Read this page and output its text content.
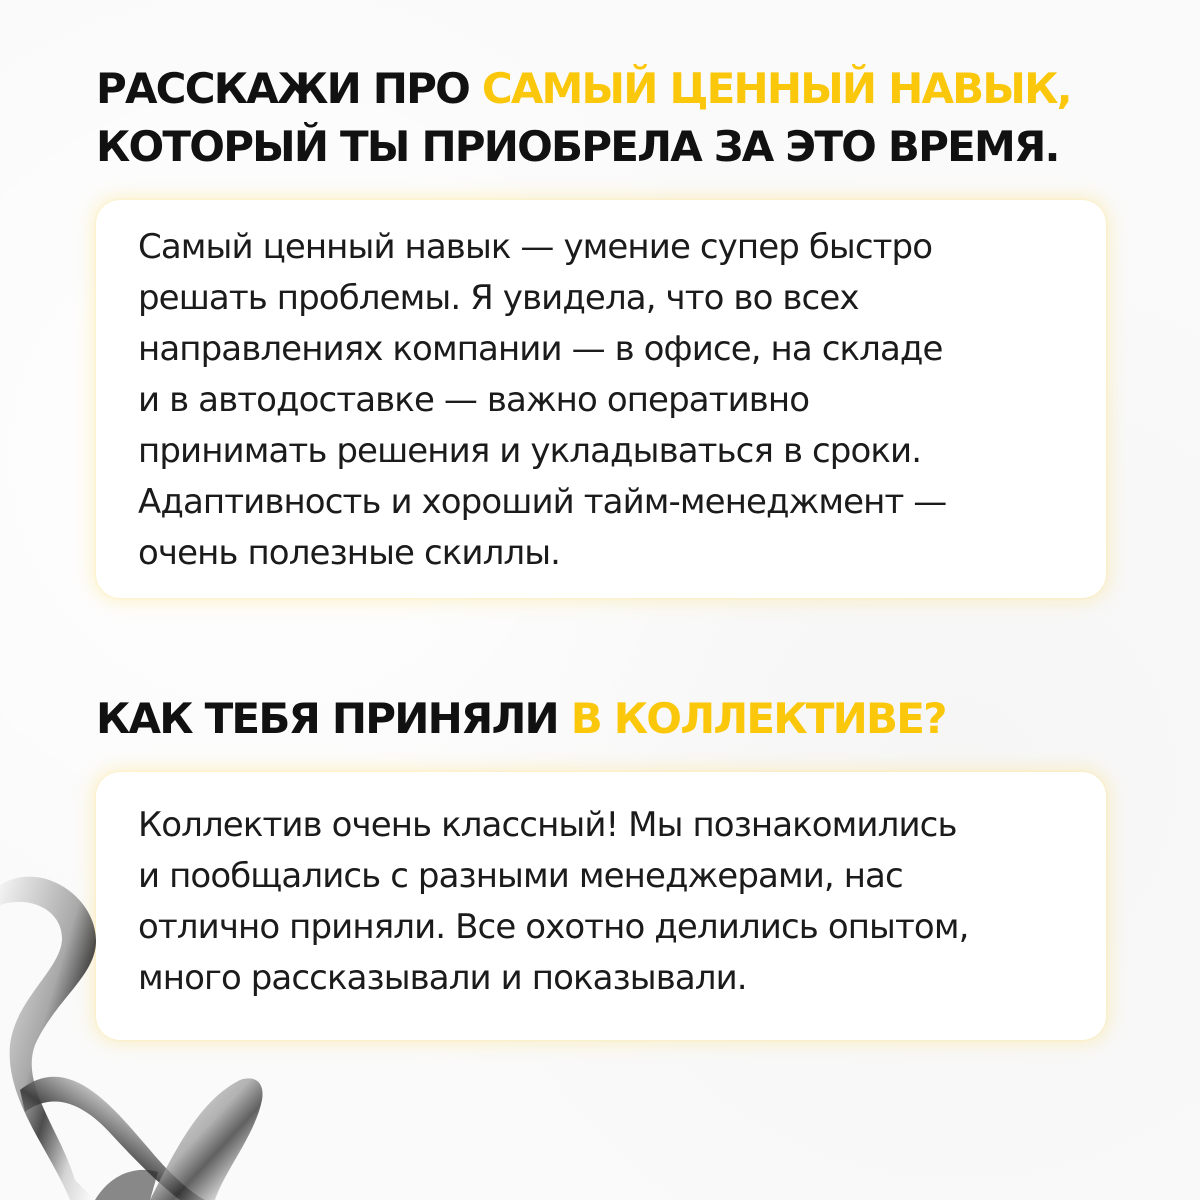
РАССКАЖИ ПРО САМЫЙ ЦЕННЫЙ НАВЫК,
КОТОРЫЙ ТЫ ПРИОБРЕЛА ЗА ЭТО ВРЕМЯ.

Самый ценный навык — умение супер быстро
решать проблемы. Я увидела, что во всех
направлениях компании — в офисе, на складе
и в автодоставке — важно оперативно
принимать решения и укладываться в сроки.
Адаптивность и хороший тайм-менеджмент —
очень полезные скиллы.

КАК ТЕБЯ ПРИНЯЛИ В КОЛЛЕКТИВЕ?

Коллектив очень классный! Мы познакомились
и пообщались с разными менеджерами, нас
отлично приняли. Все охотно делились опытом,
много рассказывали и показывали.
